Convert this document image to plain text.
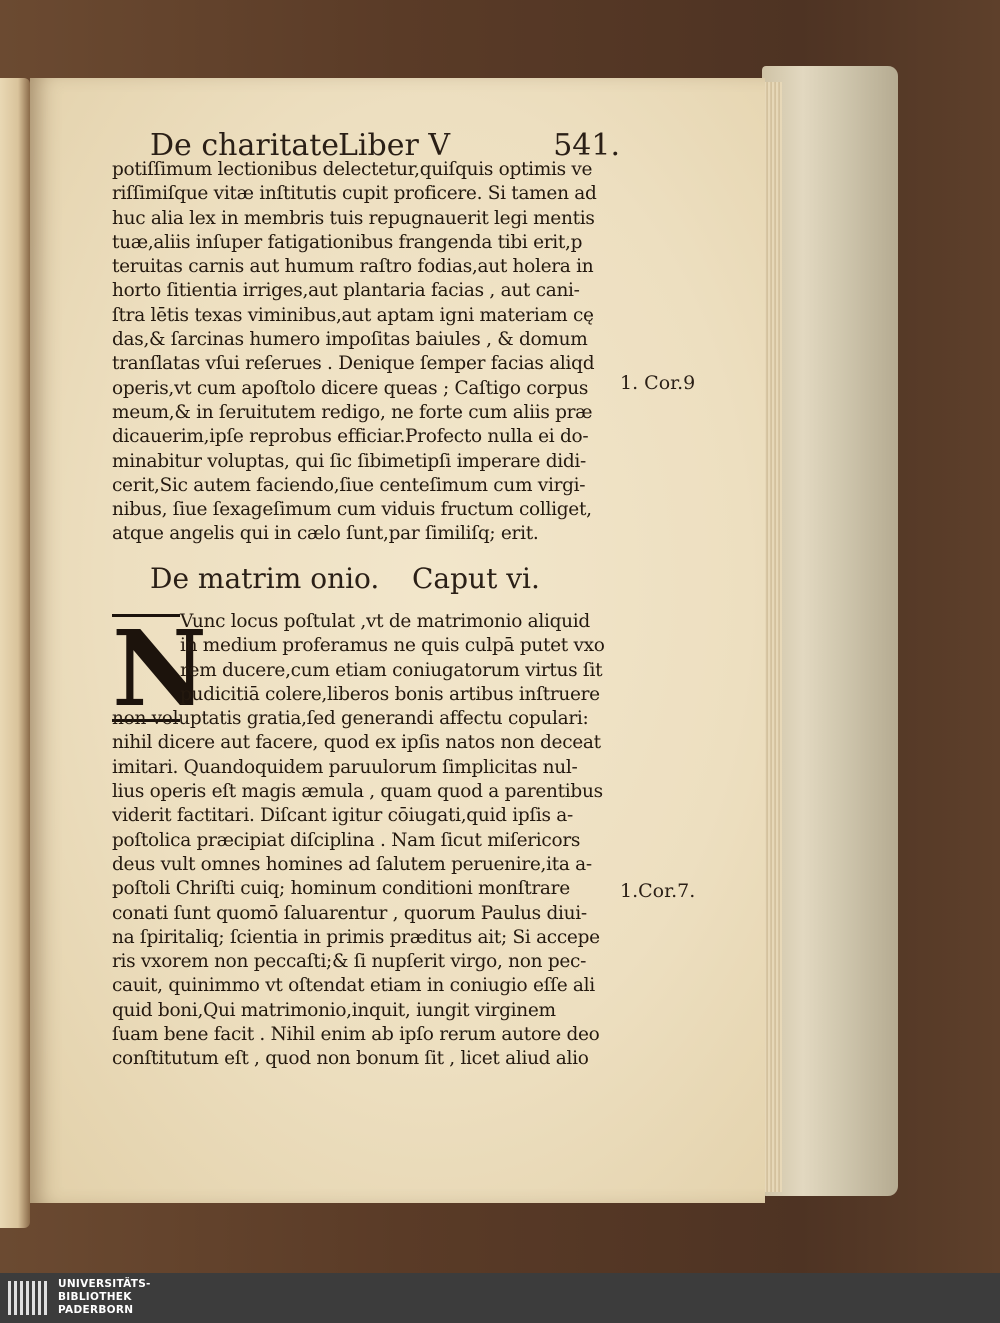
De charitate
Liber V	541.
potiſſimum lectionibus delectetur,quiſquis optimis ve
riſſimiſque vitæ inſtitutis cupit proficere. Si tamen ad
huc alia lex in membris tuis repugnauerit legi mentis
tuæ,aliis inſuper fatigationibus frangenda tibi erit,p
teruitas carnis aut humum raſtro fodias,aut holera in
horto ſitientia irriges,aut plantaria facias , aut cani-
ſtra lētis texas viminibus,aut aptam igni materiam cę
das,& ſarcinas humero impoſitas baiules , & domum
tranſlatas vſui reſerues . Denique ſemper facias aliqd
operis,vt cum apoſtolo dicere queas ; Caſtigo corpus
meum,& in ſeruitutem redigo, ne forte cum aliis præ
dicauerim,ipſe reprobus efficiar.Profecto nulla ei do-
minabitur voluptas, qui ſic ſibimetipſi imperare didi-
cerit,Sic autem faciendo,ſiue centeſimum cum virgi-
nibus, ſiue ſexageſimum cum viduis fructum colliget,
atque angelis qui in cælo ſunt,par ſimiliſq; erit.
1. Cor.9
De matrim onio. Caput vi.
N
Vunc locus poſtulat ,vt de matrimonio aliquid
in medium proferamus ne quis culpā putet vxo
rem ducere,cum etiam coniugatorum virtus ſit
pudicitiā colere,liberos bonis artibus inſtruere
non voluptatis gratia,ſed generandi affectu copulari:
nihil dicere aut facere, quod ex ipſis natos non deceat
imitari. Quandoquidem paruulorum ſimplicitas nul-
lius operis eſt magis æmula , quam quod a parentibus
viderit factitari. Diſcant igitur cōiugati,quid ipſis a-
poſtolica præcipiat diſciplina . Nam ſicut miſericors
deus vult omnes homines ad ſalutem peruenire,ita a-
poſtoli Chriſti cuiq; hominum conditioni monſtrare
conati ſunt quomō ſaluarentur , quorum Paulus diui-
na ſpiritaliq; ſcientia in primis præditus ait; Si accepe
ris vxorem non peccaſti;& ſi nupſerit virgo, non pec-
cauit, quinimmo vt oſtendat etiam in coniugio eſſe ali
quid boni,Qui matrimonio,inquit, iungit virginem
ſuam bene facit . Nihil enim ab ipſo rerum autore deo
conſtitutum eſt , quod non bonum ſit , licet aliud alio
1.Cor.7.
UNIVERSITÄTS-
BIBLIOTHEK
PADERBORN
